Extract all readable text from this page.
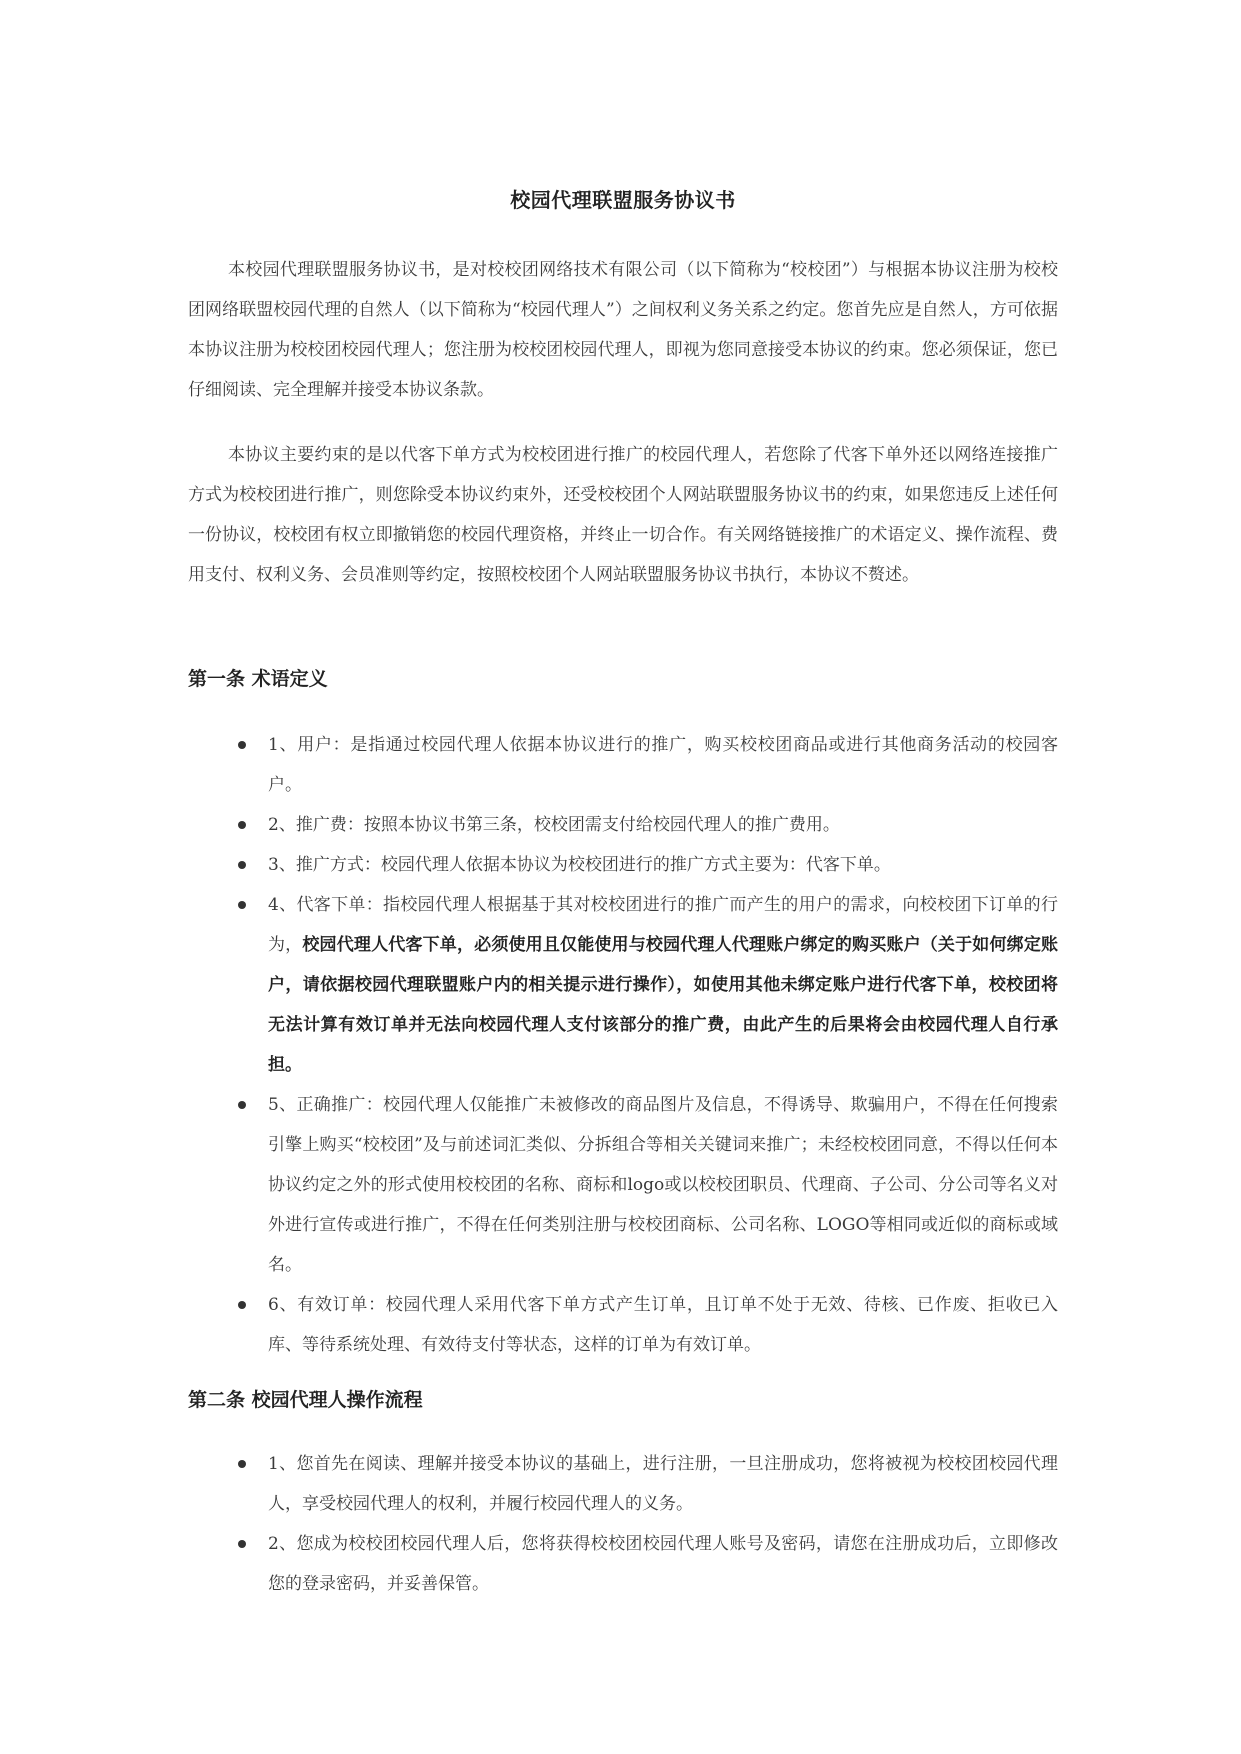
校园代理联盟服务协议书

本校园代理联盟服务协议书，是对校校团网络技术有限公司（以下简称为“校校团”）与根据本协议注册为校校团网络联盟校园代理的自然人（以下简称为“校园代理人”）之间权利义务关系之约定。您首先应是自然人，方可依据本协议注册为校校团校园代理人；您注册为校校团校园代理人，即视为您同意接受本协议的约束。您必须保证，您已仔细阅读、完全理解并接受本协议条款。

本协议主要约束的是以代客下单方式为校校团进行推广的校园代理人，若您除了代客下单外还以网络连接推广方式为校校团进行推广，则您除受本协议约束外，还受校校团个人网站联盟服务协议书的约束，如果您违反上述任何一份协议，校校团有权立即撤销您的校园代理资格，并终止一切合作。有关网络链接推广的术语定义、操作流程、费用支付、权利义务、会员准则等约定，按照校校团个人网站联盟服务协议书执行，本协议不赘述。

第一条 术语定义
1、用户：是指通过校园代理人依据本协议进行的推广，购买校校团商品或进行其他商务活动的校园客户。
2、推广费：按照本协议书第三条，校校团需支付给校园代理人的推广费用。
3、推广方式：校园代理人依据本协议为校校团进行的推广方式主要为：代客下单。
4、代客下单：指校园代理人根据基于其对校校团进行的推广而产生的用户的需求，向校校团下订单的行为，校园代理人代客下单，必须使用且仅能使用与校园代理人代理账户绑定的购买账户（关于如何绑定账户，请依据校园代理联盟账户内的相关提示进行操作），如使用其他未绑定账户进行代客下单，校校团将无法计算有效订单并无法向校园代理人支付该部分的推广费，由此产生的后果将会由校园代理人自行承担。
5、正确推广：校园代理人仅能推广未被修改的商品图片及信息，不得诱导、欺骗用户，不得在任何搜索引擎上购买“校校团”及与前述词汇类似、分拆组合等相关关键词来推广；未经校校团同意，不得以任何本协议约定之外的形式使用校校团的名称、商标和logo或以校校团职员、代理商、子公司、分公司等名义对外进行宣传或进行推广，不得在任何类别注册与校校团商标、公司名称、LOGO等相同或近似的商标或域名。
6、有效订单：校园代理人采用代客下单方式产生订单，且订单不处于无效、待核、已作废、拒收已入库、等待系统处理、有效待支付等状态，这样的订单为有效订单。
第二条 校园代理人操作流程
1、您首先在阅读、理解并接受本协议的基础上，进行注册，一旦注册成功，您将被视为校校团校园代理人，享受校园代理人的权利，并履行校园代理人的义务。
2、您成为校校团校园代理人后，您将获得校校团校园代理人账号及密码，请您在注册成功后，立即修改您的登录密码，并妥善保管。
